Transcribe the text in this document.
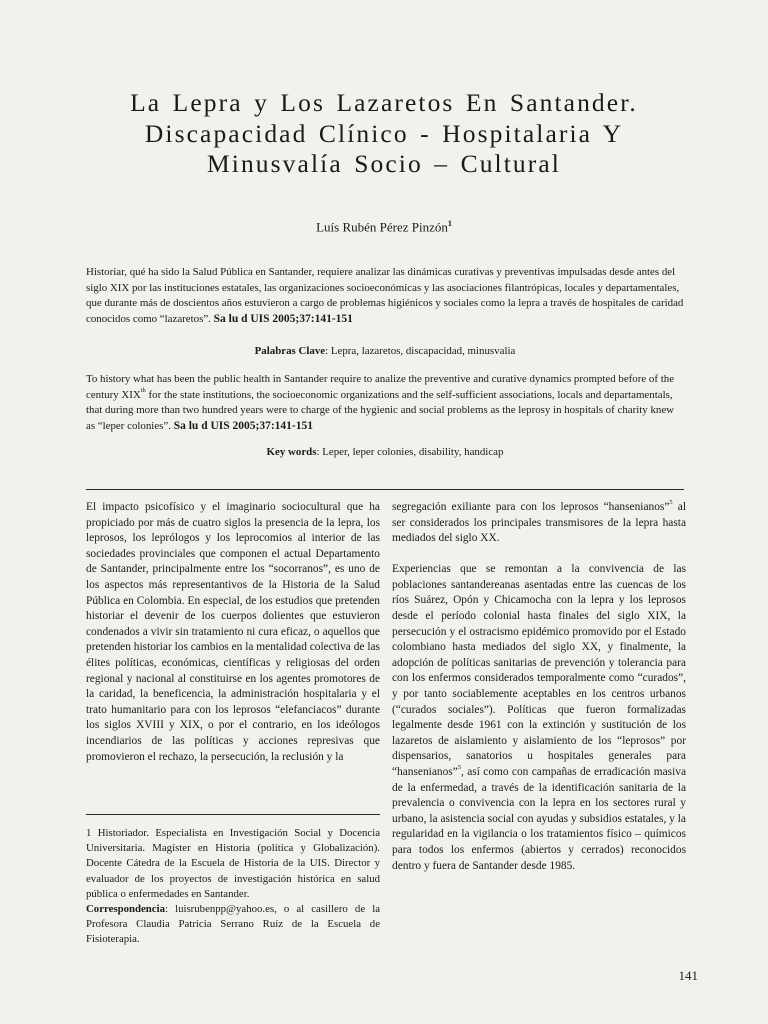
La Lepra y Los Lazaretos En Santander.
Discapacidad Clínico - Hospitalaria Y
Minusvalía Socio – Cultural
Luís Rubén Pérez Pinzón$^1$

Historiar, qué ha sido la Salud Pública en Santander, requiere analizar las dinámicas curativas y preventivas impulsadas desde antes del siglo XIX por las instituciones estatales, las organizaciones socioeconómicas y las asociaciones filantrópicas, locales y departamentales, que durante más de doscientos años estuvieron a cargo de problemas higiénicos y sociales como la lepra a través de hospitales de caridad conocidos como “lazaretos”. Sa lu d UIS 2005;37:141-151

Palabras Clave: Lepra, lazaretos, discapacidad, minusvalia

To history what has been the public health in Santander require to analize the preventive and curative dynamics prompted before of the century XIXth for the state institutions, the socioeconomic organizations and the self-sufficient associations, locals and departamentals, that during more than two hundred years were to charge of the hygienic and social problems as the leprosy in hospitals of charity knew as “leper colonies”. Sa lu d UIS 2005;37:141-151

Key words: Leper, leper colonies, disability, handicap

El impacto psicofísico y el imaginario sociocultural que ha propiciado por más de cuatro siglos la presencia de la lepra, los leprosos, los leprólogos y los leprocomios al interior de las sociedades provinciales que componen el actual Departamento de Santander, principalmente entre los “socorranos”, es uno de los aspectos más representantivos de la Historia de la Salud Pública en Colombia. En especial, de los estudios que pretenden historiar el devenir de los cuerpos dolientes que estuvieron condenados a vivir sin tratamiento ni cura eficaz, o aquellos que pretenden historiar los cambios en la mentalidad colectiva de las élites políticas, económicas, científicas y religiosas del orden regional y nacional al constituirse en los agentes promotores de la caridad, la beneficencia, la administración hospitalaria y el trato humanitario para con los leprosos “elefanciacos” durante los siglos XVIII y XIX, o por el contrario, en los ideólogos incendiarios de las políticas y acciones represivas que promovieron el rechazo, la persecución, la reclusión y la

segregación exiliante para con los leprosos “hansenianos”$^5$ al ser considerados los principales transmisores de la lepra hasta mediados del siglo XX.

Experiencias que se remontan a la convivencia de las poblaciones santandereanas asentadas entre las cuencas de los ríos Suárez, Opón y Chicamocha con la lepra y los leprosos desde el período colonial hasta finales del siglo XIX, la persecución y el ostracismo epidémico promovido por el Estado colombiano hasta mediados del siglo XX, y finalmente, la adopción de políticas sanitarias de prevención y tolerancia para con los enfermos considerados temporalmente como “curados”, y por tanto sociablemente aceptables en los centros urbanos (“curados sociales”). Políticas que fueron formalizadas legalmente desde 1961 con la extinción y sustitución de los lazaretos de aislamiento y aislamiento de los “leprosos” por dispensarios, sanatorios u hospitales generales para “hansenianos”$^5$, así como con campañas de erradicación masiva de la enfermedad, a través de la identificación sanitaria de la prevalencia o convivencia con la lepra en los sectores rural y urbano, la asistencia social con ayudas y subsidios estatales, y la regularidad en la vigilancia o los tratamientos físico – químicos para todos los enfermos (abiertos y cerrados) reconocidos dentro y fuera de Santander desde 1985.

1 Historiador. Especialista en Investigación Social y Docencia Universitaria. Magíster en Historia (política y Globalización). Docente Cátedra de la Escuela de Historia de la UIS. Director y evaluador de los proyectos de investigación histórica en salud pública o enfermedades en Santander.

Correspondencia: luisrubenpp@yahoo.es, o al casillero de la Profesora Claudia Patricia Serrano Ruíz de la Escuela de Fisioterapia.

141
